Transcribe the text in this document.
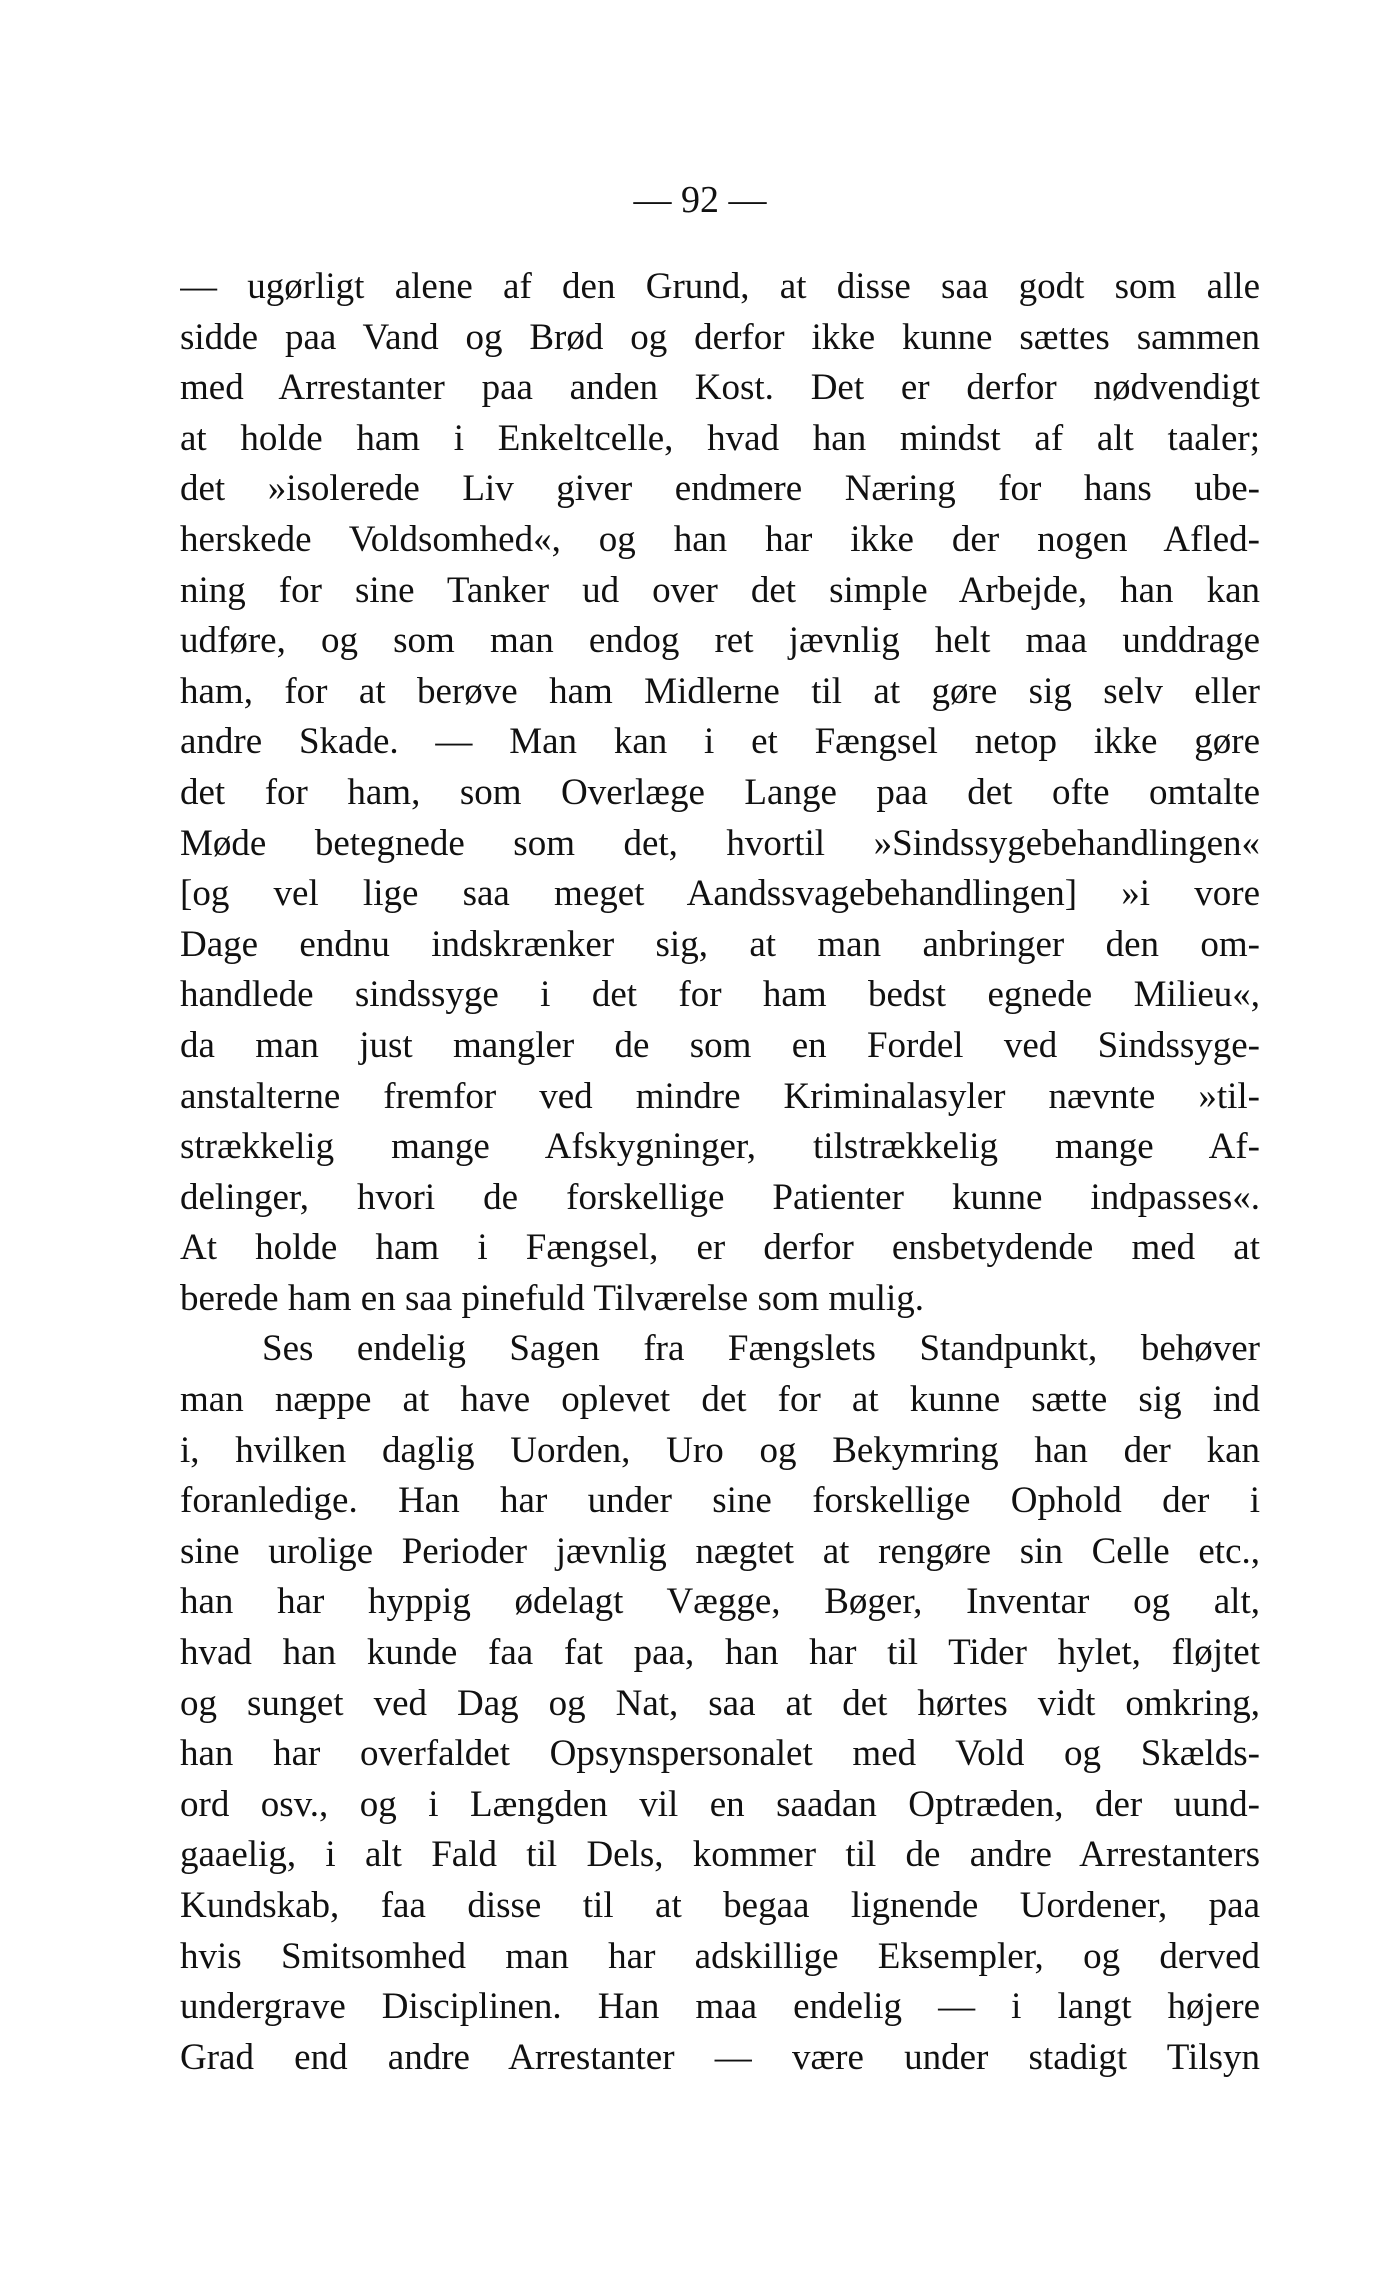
— 92 —
— ugørligt alene af den Grund, at disse saa godt som alle
sidde paa Vand og Brød og derfor ikke kunne sættes sammen
med Arrestanter paa anden Kost. Det er derfor nødvendigt
at holde ham i Enkeltcelle, hvad han mindst af alt taaler;
det »isolerede Liv giver endmere Næring for hans ube-
herskede Voldsomhed«, og han har ikke der nogen Afled-
ning for sine Tanker ud over det simple Arbejde, han kan
udføre, og som man endog ret jævnlig helt maa unddrage
ham, for at berøve ham Midlerne til at gøre sig selv eller
andre Skade. — Man kan i et Fængsel netop ikke gøre
det for ham, som Overlæge Lange paa det ofte omtalte
Møde betegnede som det, hvortil »Sindssygebehandlingen«
[og vel lige saa meget Aandssvagebehandlingen] »i vore
Dage endnu indskrænker sig, at man anbringer den om-
handlede sindssyge i det for ham bedst egnede Milieu«,
da man just mangler de som en Fordel ved Sindssyge-
anstalterne fremfor ved mindre Kriminalasyler nævnte »til-
strækkelig mange Afskygninger, tilstrækkelig mange Af-
delinger, hvori de forskellige Patienter kunne indpasses«.
At holde ham i Fængsel, er derfor ensbetydende med at
berede ham en saa pinefuld Tilværelse som mulig.
Ses endelig Sagen fra Fængslets Standpunkt, behøver
man næppe at have oplevet det for at kunne sætte sig ind
i, hvilken daglig Uorden, Uro og Bekymring han der kan
foranledige. Han har under sine forskellige Ophold der i
sine urolige Perioder jævnlig nægtet at rengøre sin Celle etc.,
han har hyppig ødelagt Vægge, Bøger, Inventar og alt,
hvad han kunde faa fat paa, han har til Tider hylet, fløjtet
og sunget ved Dag og Nat, saa at det hørtes vidt omkring,
han har overfaldet Opsynspersonalet med Vold og Skælds-
ord osv., og i Længden vil en saadan Optræden, der uund-
gaaelig, i alt Fald til Dels, kommer til de andre Arrestanters
Kundskab, faa disse til at begaa lignende Uordener, paa
hvis Smitsomhed man har adskillige Eksempler, og derved
undergrave Disciplinen. Han maa endelig — i langt højere
Grad end andre Arrestanter — være under stadigt Tilsyn
